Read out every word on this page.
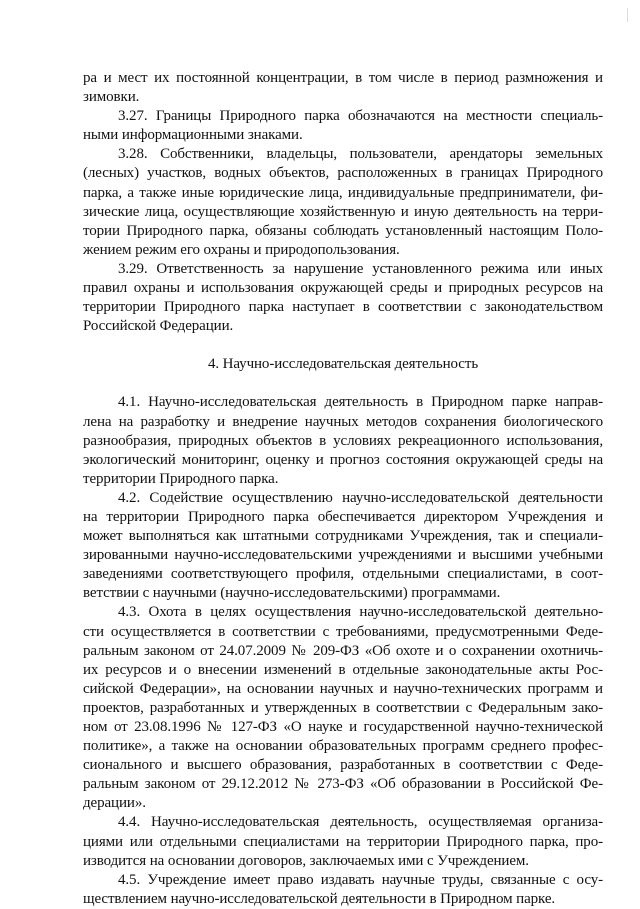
ра и мест их постоянной концентрации, в том числе в период размножения и
зимовки.
3.27. Границы Природного парка обозначаются на местности специаль-
ными информационными знаками.
3.28. Собственники, владельцы, пользователи, арендаторы земельных
(лесных) участков, водных объектов, расположенных в границах Природного
парка, а также иные юридические лица, индивидуальные предприниматели, фи-
зические лица, осуществляющие хозяйственную и иную деятельность на терри-
тории Природного парка, обязаны соблюдать установленный настоящим Поло-
жением режим его охраны и природопользования.
3.29. Ответственность за нарушение установленного режима или иных
правил охраны и использования окружающей среды и природных ресурсов на
территории Природного парка наступает в соответствии с законодательством
Российской Федерации.
4. Научно-исследовательская деятельность
4.1. Научно-исследовательская деятельность в Природном парке направ-
лена на разработку и внедрение научных методов сохранения биологического
разнообразия, природных объектов в условиях рекреационного использования,
экологический мониторинг, оценку и прогноз состояния окружающей среды на
территории Природного парка.
4.2. Содействие осуществлению научно-исследовательской деятельности
на территории Природного парка обеспечивается директором Учреждения и
может выполняться как штатными сотрудниками Учреждения, так и специали-
зированными научно-исследовательскими учреждениями и высшими учебными
заведениями соответствующего профиля, отдельными специалистами, в соот-
ветствии с научными (научно-исследовательскими) программами.
4.3. Охота в целях осуществления научно-исследовательской деятельно-
сти осуществляется в соответствии с требованиями, предусмотренными Феде-
ральным законом от 24.07.2009 № 209-ФЗ «Об охоте и о сохранении охотничь-
их ресурсов и о внесении изменений в отдельные законодательные акты Рос-
сийской Федерации», на основании научных и научно-технических программ и
проектов, разработанных и утвержденных в соответствии с Федеральным зако-
ном от 23.08.1996 № 127-ФЗ «О науке и государственной научно-технической
политике», а также на основании образовательных программ среднего профес-
сионального и высшего образования, разработанных в соответствии с Феде-
ральным законом от 29.12.2012 № 273-ФЗ «Об образовании в Российской Фе-
дерации».
4.4. Научно-исследовательская деятельность, осуществляемая организа-
циями или отдельными специалистами на территории Природного парка, про-
изводится на основании договоров, заключаемых ими с Учреждением.
4.5. Учреждение имеет право издавать научные труды, связанные с осу-
ществлением научно-исследовательской деятельности в Природном парке.
